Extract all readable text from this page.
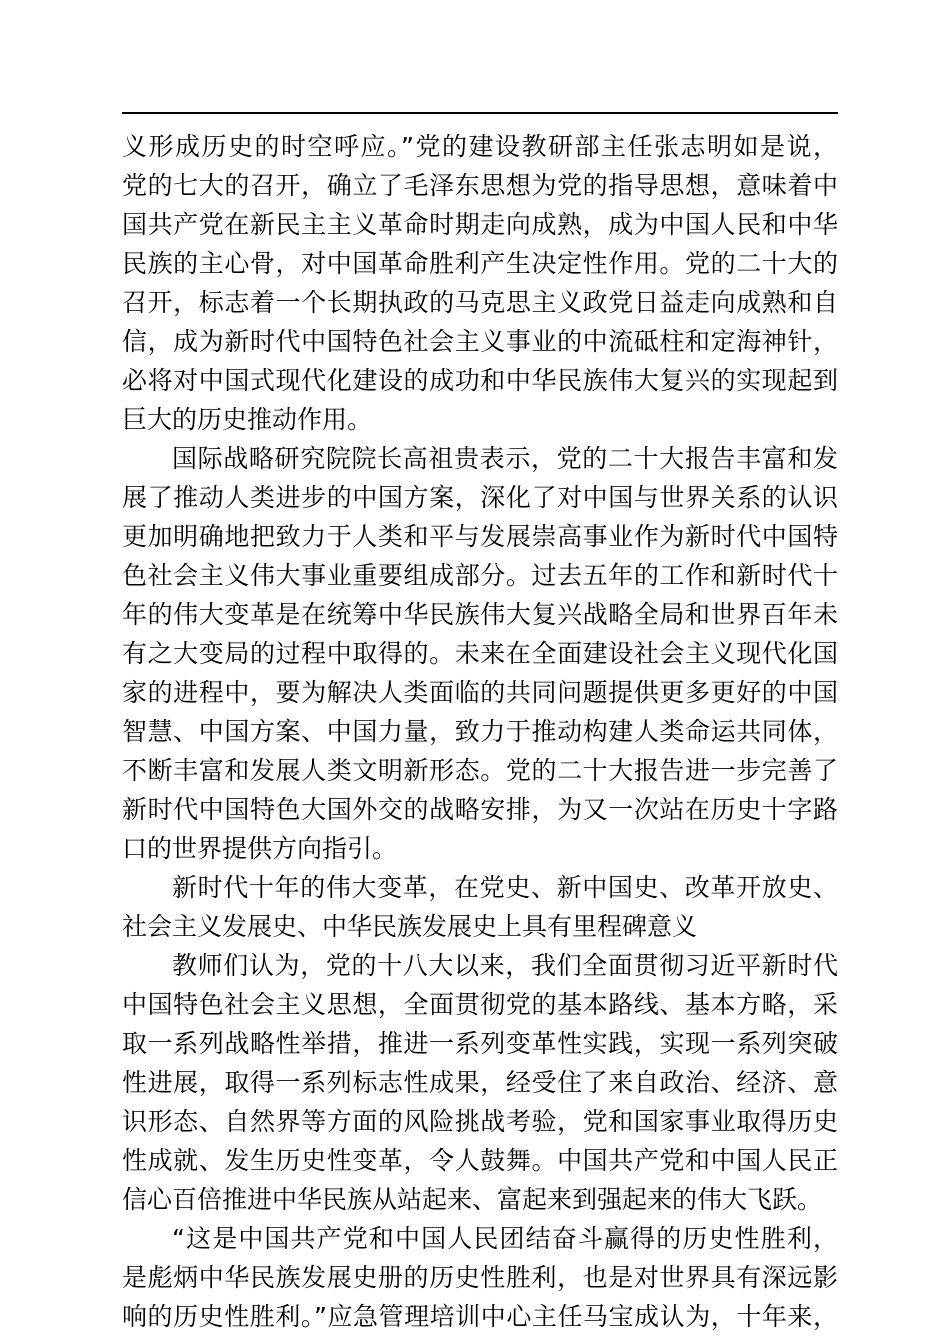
义形成历史的时空呼应。”党的建设教研部主任张志明如是说，
党的七大的召开，确立了毛泽东思想为党的指导思想，意味着中
国共产党在新民主主义革命时期走向成熟，成为中国人民和中华
民族的主心骨，对中国革命胜利产生决定性作用。党的二十大的
召开，标志着一个长期执政的马克思主义政党日益走向成熟和自
信，成为新时代中国特色社会主义事业的中流砥柱和定海神针，
必将对中国式现代化建设的成功和中华民族伟大复兴的实现起到
巨大的历史推动作用。
国际战略研究院院长高祖贵表示，党的二十大报告丰富和发
展了推动人类进步的中国方案，深化了对中国与世界关系的认识
更加明确地把致力于人类和平与发展崇高事业作为新时代中国特
色社会主义伟大事业重要组成部分。过去五年的工作和新时代十
年的伟大变革是在统筹中华民族伟大复兴战略全局和世界百年未
有之大变局的过程中取得的。未来在全面建设社会主义现代化国
家的进程中，要为解决人类面临的共同问题提供更多更好的中国
智慧、中国方案、中国力量，致力于推动构建人类命运共同体，
不断丰富和发展人类文明新形态。党的二十大报告进一步完善了
新时代中国特色大国外交的战略安排，为又一次站在历史十字路
口的世界提供方向指引。
新时代十年的伟大变革，在党史、新中国史、改革开放史、
社会主义发展史、中华民族发展史上具有里程碑意义
教师们认为，党的十八大以来，我们全面贯彻习近平新时代
中国特色社会主义思想，全面贯彻党的基本路线、基本方略，采
取一系列战略性举措，推进一系列变革性实践，实现一系列突破
性进展，取得一系列标志性成果，经受住了来自政治、经济、意
识形态、自然界等方面的风险挑战考验，党和国家事业取得历史
性成就、发生历史性变革，令人鼓舞。中国共产党和中国人民正
信心百倍推进中华民族从站起来、富起来到强起来的伟大飞跃。
“这是中国共产党和中国人民团结奋斗赢得的历史性胜利，
是彪炳中华民族发展史册的历史性胜利，也是对世界具有深远影
响的历史性胜利。”应急管理培训中心主任马宝成认为，十年来，
